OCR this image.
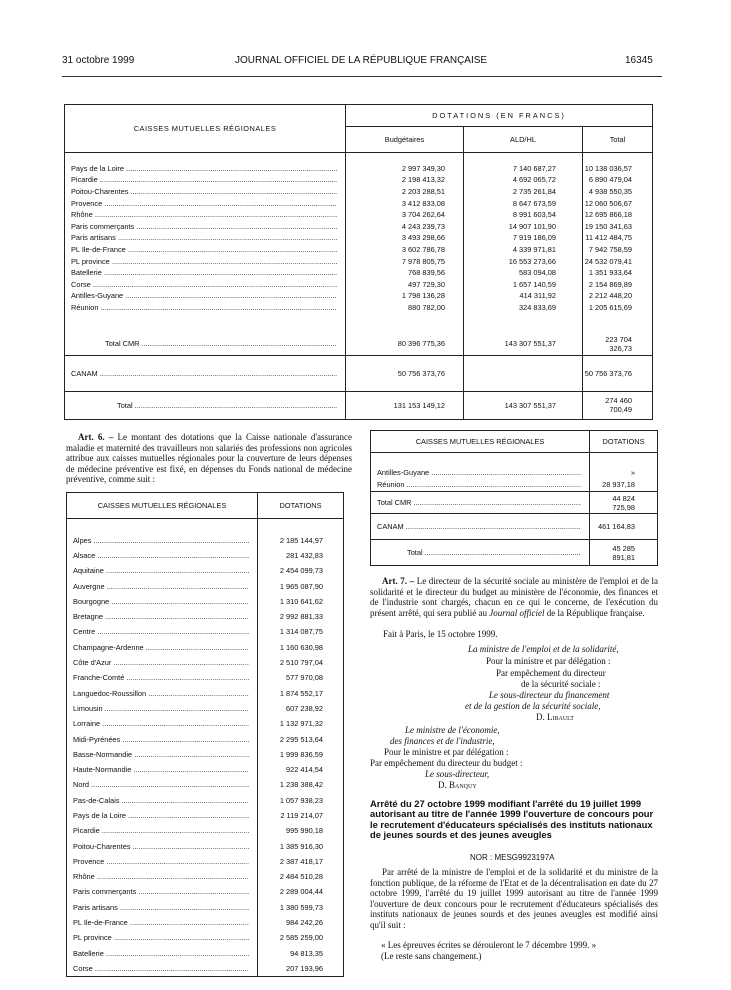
31 octobre 1999	JOURNAL OFFICIEL DE LA RÉPUBLIQUE FRANÇAISE	16345
CAISSES MUTUELLES RÉGIONALES	DOTATIONS (EN FRANCS)		
	Budgétaires	ALD/HL	Total

Pays de la Loire .....	2 997 349,30	7 140 687,27	10 138 036,57

Picardie .....	2 198 413,32	4 692 065,72	6 890 479,04

Poitou-Charentes .....	2 203 288,51	2 735 261,84	4 938 550,35

Provence .....	3 412 833,08	8 647 673,59	12 060 506,67

Rhône .....	3 704 262,64	8 991 603,54	12 695 866,18

Paris commerçants .....	4 243 239,73	14 907 101,90	19 150 341,63

Paris artisans .....	3 493 298,66	7 919 186,09	11 412 484,75

PL Ile-de-France .....	3 602 786,78	4 339 971,81	7 942 758,59

PL province .....	7 978 805,75	16 553 273,66	24 532 079,41

Batellerie .....	768 839,56	583 094,08	1 351 933,64

Corse .....	497 729,30	1 657 140,59	2 154 869,89

Antilles-Guyane .....	1 798 136,28	414 311,92	2 212 448,20

Réunion .....	880 782,00	324 833,69	1 205 615,69

Total CMR .....	80 396 775,36	143 307 551,37	223 704 326,73

CANAM .....	50 756 373,76		50 756 373,76

Total .....	131 153 149,12	143 307 551,37	274 460 700,49
Art. 6. – Le montant des dotations que la Caisse nationale d'assurance maladie et maternité des travailleurs non salariés des professions non agricoles attribue aux caisses mutuelles régionales pour la couverture de leurs dépenses de médecine préventive est fixé, en dépenses du Fonds national de médecine préventive, comme suit :
CAISSES MUTUELLES RÉGIONALES	DOTATIONS

Alpes .....	2 185 144,97

Alsace .....	281 432,83

Aquitaine .....	2 454 099,73

Auvergne .....	1 965 087,90

Bourgogne .....	1 310 641,62

Bretagne .....	2 992 881,33

Centre .....	1 314 087,75

Champagne-Ardenne .....	1 160 630,98

Côte d'Azur .....	2 510 797,04

Franche-Comté .....	577 970,08

Languedoc-Roussillon .....	1 874 552,17

Limousin .....	607 238,92

Lorraine .....	1 132 971,32

Midi-Pyrénées .....	2 295 513,64

Basse-Normandie .....	1 999 836,59

Haute-Normandie .....	922 414,54

Nord .....	1 238 388,42

Pas-de-Calais .....	1 057 938,23

Pays de la Loire .....	2 119 214,07

Picardie .....	995 990,18

Poitou-Charentes .....	1 385 916,30

Provence .....	2 387 418,17

Rhône .....	2 484 510,28

Paris commerçants .....	2 289 004,44

Paris artisans .....	1 380 599,73

PL Ile-de-France .....	984 242,26

PL province .....	2 585 259,00

Batellerie .....	94 813,35

Corse .....	207 193,96
CAISSES MUTUELLES RÉGIONALES	DOTATIONS

Antilles-Guyane .....	»

Réunion .....	28 937,18

Total CMR .....	44 824 725,98

CANAM .....	461 164,83

Total .....	45 285 891,81
Art. 7. – Le directeur de la sécurité sociale au ministère de l'emploi et de la solidarité et le directeur du budget au ministère de l'économie, des finances et de l'industrie sont chargés, chacun en ce qui le concerne, de l'exécution du présent arrêté, qui sera publié au Journal officiel de la République française.
Fait à Paris, le 15 octobre 1999.
La ministre de l'emploi et de la solidarité,
Pour la ministre et par délégation :
Par empêchement du directeur
de la sécurité sociale :
Le sous-directeur du financement
et de la gestion de la sécurité sociale,
D. Libault
Le ministre de l'économie,
des finances et de l'industrie,
Pour le ministre et par délégation :
Par empêchement du directeur du budget :
Le sous-directeur,
D. Banquy
Arrêté du 27 octobre 1999 modifiant l'arrêté du 19 juillet 1999 autorisant au titre de l'année 1999 l'ouverture de concours pour le recrutement d'éducateurs spécialisés des instituts nationaux de jeunes sourds et des jeunes aveugles
NOR : MESG9923197A
Par arrêté de la ministre de l'emploi et de la solidarité et du ministre de la fonction publique, de la réforme de l'Etat et de la décentralisation en date du 27 octobre 1999, l'arrêté du 19 juillet 1999 autorisant au titre de l'année 1999 l'ouverture de deux concours pour le recrutement d'éducateurs spécialisés des instituts nationaux de jeunes sourds et des jeunes aveugles est modifié ainsi qu'il suit :
« Les épreuves écrites se dérouleront le 7 décembre 1999. »
(Le reste sans changement.)
